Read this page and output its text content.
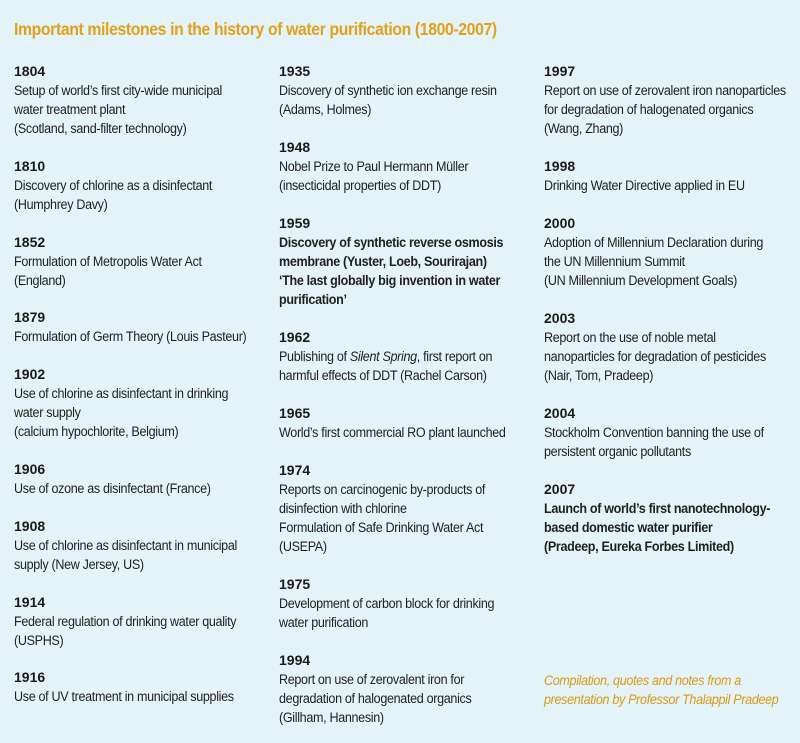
Important milestones in the history of water purification (1800-2007)
1804
Setup of world’s first city-wide municipal
water treatment plant
(Scotland, sand-filter technology)
1810
Discovery of chlorine as a disinfectant
(Humphrey Davy)
1852
Formulation of Metropolis Water Act
(England)
1879
Formulation of Germ Theory (Louis Pasteur)
1902
Use of chlorine as disinfectant in drinking
water supply
(calcium hypochlorite, Belgium)
1906
Use of ozone as disinfectant (France)
1908
Use of chlorine as disinfectant in municipal
supply (New Jersey, US)
1914
Federal regulation of drinking water quality
(USPHS)
1916
Use of UV treatment in municipal supplies
1935
Discovery of synthetic ion exchange resin
(Adams, Holmes)
1948
Nobel Prize to Paul Hermann Müller
(insecticidal properties of DDT)
1959
Discovery of synthetic reverse osmosis
membrane (Yuster, Loeb, Sourirajan)
‘The last globally big invention in water
purification’
1962
Publishing of Silent Spring, first report on
harmful effects of DDT (Rachel Carson)
1965
World’s first commercial RO plant launched
1974
Reports on carcinogenic by-products of
disinfection with chlorine
Formulation of Safe Drinking Water Act
(USEPA)
1975
Development of carbon block for drinking
water purification
1994
Report on use of zerovalent iron for
degradation of halogenated organics
(Gillham, Hannesin)
1997
Report on use of zerovalent iron nanoparticles
for degradation of halogenated organics
(Wang, Zhang)
1998
Drinking Water Directive applied in EU
2000
Adoption of Millennium Declaration during
the UN Millennium Summit
(UN Millennium Development Goals)
2003
Report on the use of noble metal
nanoparticles for degradation of pesticides
(Nair, Tom, Pradeep)
2004
Stockholm Convention banning the use of
persistent organic pollutants
2007
Launch of world’s first nanotechnology-
based domestic water purifier
(Pradeep, Eureka Forbes Limited)
Compilation, quotes and notes from a
presentation by Professor Thalappil Pradeep
